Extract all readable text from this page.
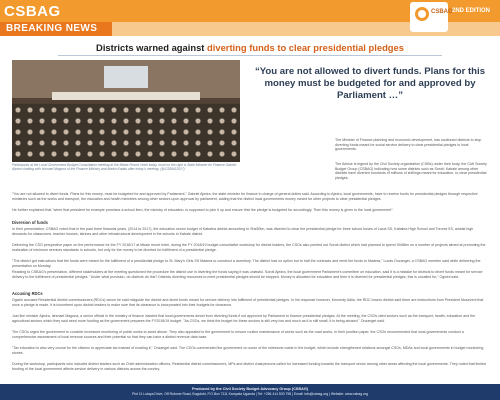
CSBAG
BREAKING NEWS
CSBAG 2ND EDITION
Districts warned against diverting funds to clear presidential pledges
Participants at the Local Government Budget Consultation meeting at the Mbale Resort Hotel today. Inset on the right is State Minister for Finance Gabriel Ajedra chatting with Ishmael Magona of the Finance Ministry and Martin Kaddu after today's meeting. (@CSBAG2017)
“You are not allowed to divert funds. Plans for this money must be budgeted for and approved by Parliament …”
The Minister of Finance planning and economic development, has cautioned districts to stop diverting funds meant for social service delivery to clear presidential pledges in local governments.
The Advice is legend by the Civil Society organization (CSBs) under their body, the Civil Society Budget Group (CSBAG) indicating how some districts such as Soroti, Kabale among other districts have diverted hundreds of millions of shillings meant for education, to clear presidential pledges.
"You are not allowed to divert funds. Plans for this money, must be budgeted for and approved by Parliament," Gabriel Ajedra, the state minister for finance in charge of general duties said. According to Ajedra, local governments, have to receive funds for presidential pledges through respective ministries such as the works and transport, the education and health ministries among other sectors upon approval by parliament, adding that the district local governments money meant for other projects to clear presidential pledges.
He further explained that "when that president for example promises a school item, the ministry of education, is supposed to pick it up and ensure that the pledge is budgeted for accordingly. Then this money is given to the local government".
Diversion of funds
In their presentation, CSBAG noted that in the past three financial years, (2014 to 2017), the education sector budget of Kabalea district amounting to Shs50bn, was diverted to clear the presidential pledge for three school buses of Lwua SS, Kabalea High School and Tororra SS, amidst high demands for classrooms, teacher houses, latrines and other infrastructural development in the schools in Kabale district.
Delivering the CSO perspective paper on the performance for the FY 2016/17 at Mbale resort hotel, during the FY 2018/19 budget consultative workshop for district leaders, the CSOs also pointed out Soroti district which had planned to spend Sh58bn on a number of projects aimed at promoting the realization of minimum services standards in schools, but only for the money to be diverted for fulfillment of a presidential pledge.
"The district got instructions that the funds were meant for the fulfillment of a presidential pledge to St. Mary's Girls SS Madera to construct a dormitory. The district had no option but to halt the contracts and remit the funds to Madera," Lucas Onzanget, a CSBAG member said while delivering the presentation on Monday.
Reacting to CSBAG's presentation, different stakeholders at the meeting questioned the procedure the district use in diverting the funds saying it was unlawful. Soroti Ajedra, the local government Parliament's committee on education, said it is a mistake for districts to divert funds meant for service delivery to the fulfillment of presidential pledges. "Under what provision, do districts do this? Districts diverting resources to meet presidential pledges should be stopped. Money is allocated for education and then it is diverted for presidential pledges, this is uncalled for," Ogwini said.
Accusing RDCs
Ogwini accused Residential district commissioners (RDCs) whom he said misguide the district and divert funds meant for service delivery into fulfilment of presidential pledges. In his response however, Kennedy Adlia, the RDC lowero district said there are instructions from President Museveni that once a pledge is made, it is incumbent upon district leaders to make sure that its clearance is incorporated into their budgets for clearance.
Just like minister Ajedra, Ishmael Magona, a senior official in the ministry of finance insisted that local governments desist from diverting funds if not approved by Parliament to finance presidential pledges. At the meeting, the CSOs cited sectors such as the transport, health, education and the agricultural sectors which they said need more funding as the government prepares the FY2018/19 budget. "As CSOs, we think the budget for these sectors is still very low and much as it is still small, it is being abused," Onzanget said.
The CSOs urged the government to consider increased monitoring of public works to avoid abuse. They also appealed to the government to ensure routine maintenance of works such as the road works. In their position paper, the CSOs recommended that local governments conduct a comprehensive assessment of local revenue sources and their potential so that they can have a district revenue data base.
"Tax education is also very crucial for the citizens to appreciate tax instead of evading it," Onzanget said. The CSOs commended the government on some of the milestone made in the budget, which include strengthened relations amongst CSOs, MDAs and local governments in budget monitoring stories.
During the workshop, participants who included district leaders such as Chief administration officers, Residential district commissioners, MPs and district chairpersons called for increased funding towards the transport sector among other areas affecting the local governments. They noted that limited funding of the local government affects service delivery in various districts across the country.
Produced by the Civil Society Budget Advocacy Group (CSBAG)
Plot 11 Lutaya Drive, Off Rufume Road, Bugolobi, P.O.Box 7111 Kampala Uganda | Tel: +256 414 530 798 | Email: info@csbag.org | Website: www.csbag.org
